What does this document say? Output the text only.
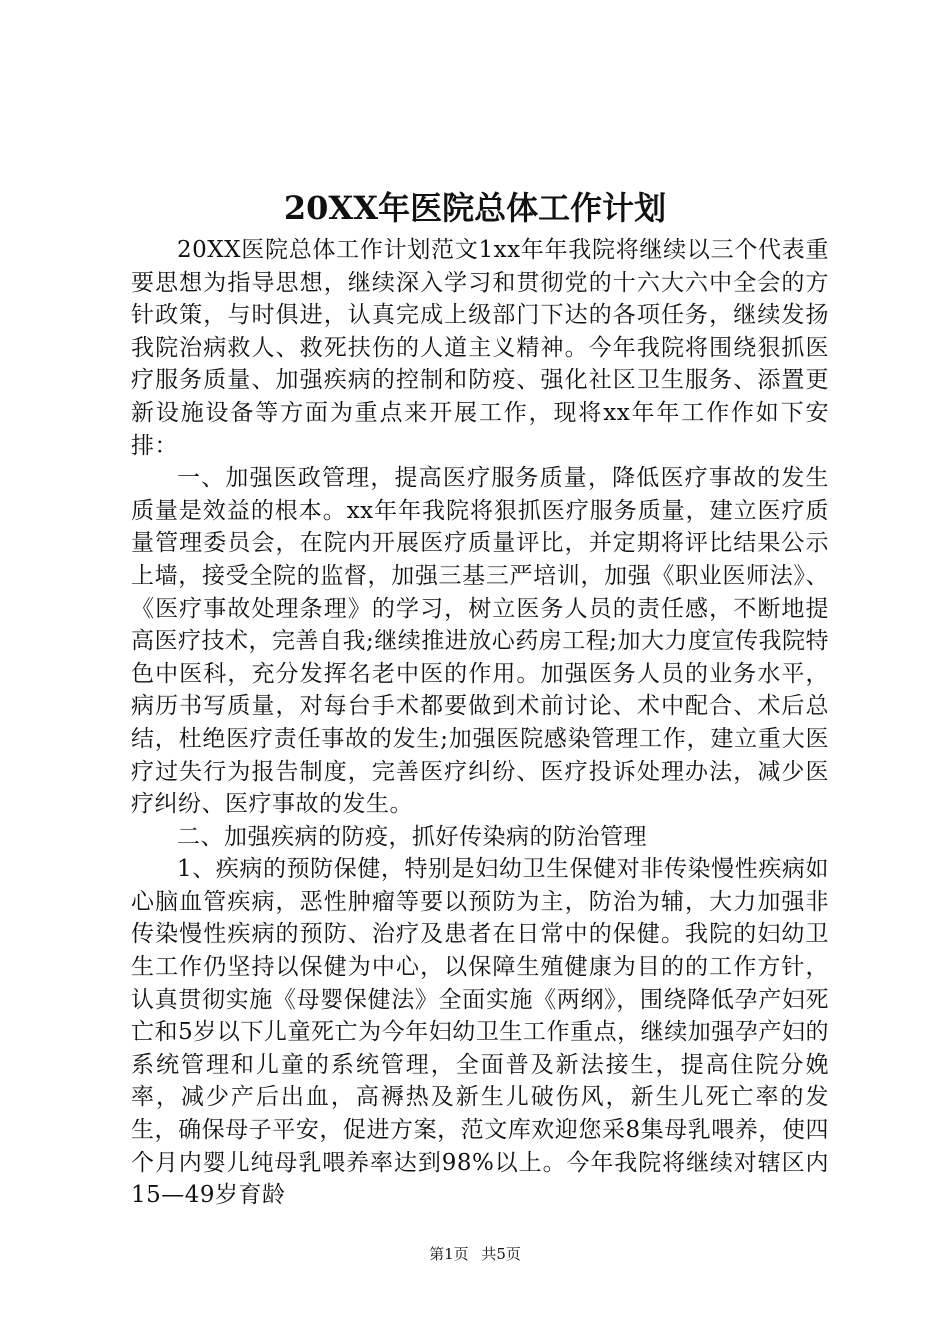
20XX年医院总体工作计划

20XX医院总体工作计划范文1xx年年我院将继续以三个代表重要思想为指导思想，继续深入学习和贯彻党的十六大六中全会的方针政策，与时俱进，认真完成上级部门下达的各项任务，继续发扬我院治病救人、救死扶伤的人道主义精神。今年我院将围绕狠抓医疗服务质量、加强疾病的控制和防疫、强化社区卫生服务、添置更新设施设备等方面为重点来开展工作，现将xx年年工作作如下安排：

一、加强医政管理，提高医疗服务质量，降低医疗事故的发生质量是效益的根本。xx年年我院将狠抓医疗服务质量，建立医疗质量管理委员会，在院内开展医疗质量评比，并定期将评比结果公示上墙，接受全院的监督，加强三基三严培训，加强《职业医师法》、《医疗事故处理条理》的学习，树立医务人员的责任感，不断地提高医疗技术，完善自我;继续推进放心药房工程;加大力度宣传我院特色中医科，充分发挥名老中医的作用。加强医务人员的业务水平，病历书写质量，对每台手术都要做到术前讨论、术中配合、术后总结，杜绝医疗责任事故的发生;加强医院感染管理工作，建立重大医疗过失行为报告制度，完善医疗纠纷、医疗投诉处理办法，减少医疗纠纷、医疗事故的发生。

二、加强疾病的防疫，抓好传染病的防治管理

1、疾病的预防保健，特别是妇幼卫生保健对非传染慢性疾病如心脑血管疾病，恶性肿瘤等要以预防为主，防治为辅，大力加强非传染慢性疾病的预防、治疗及患者在日常中的保健。我院的妇幼卫生工作仍坚持以保健为中心，以保障生殖健康为目的的工作方针，认真贯彻实施《母婴保健法》全面实施《两纲》，围绕降低孕产妇死亡和5岁以下儿童死亡为今年妇幼卫生工作重点，继续加强孕产妇的系统管理和儿童的系统管理，全面普及新法接生，提高住院分娩率，减少产后出血，高褥热及新生儿破伤风，新生儿死亡率的发生，确保母子平安，促进方案，范文库欢迎您采8集母乳喂养，使四个月内婴儿纯母乳喂养率达到98%以上。今年我院将继续对辖区内15—49岁育龄

第1页 共5页
